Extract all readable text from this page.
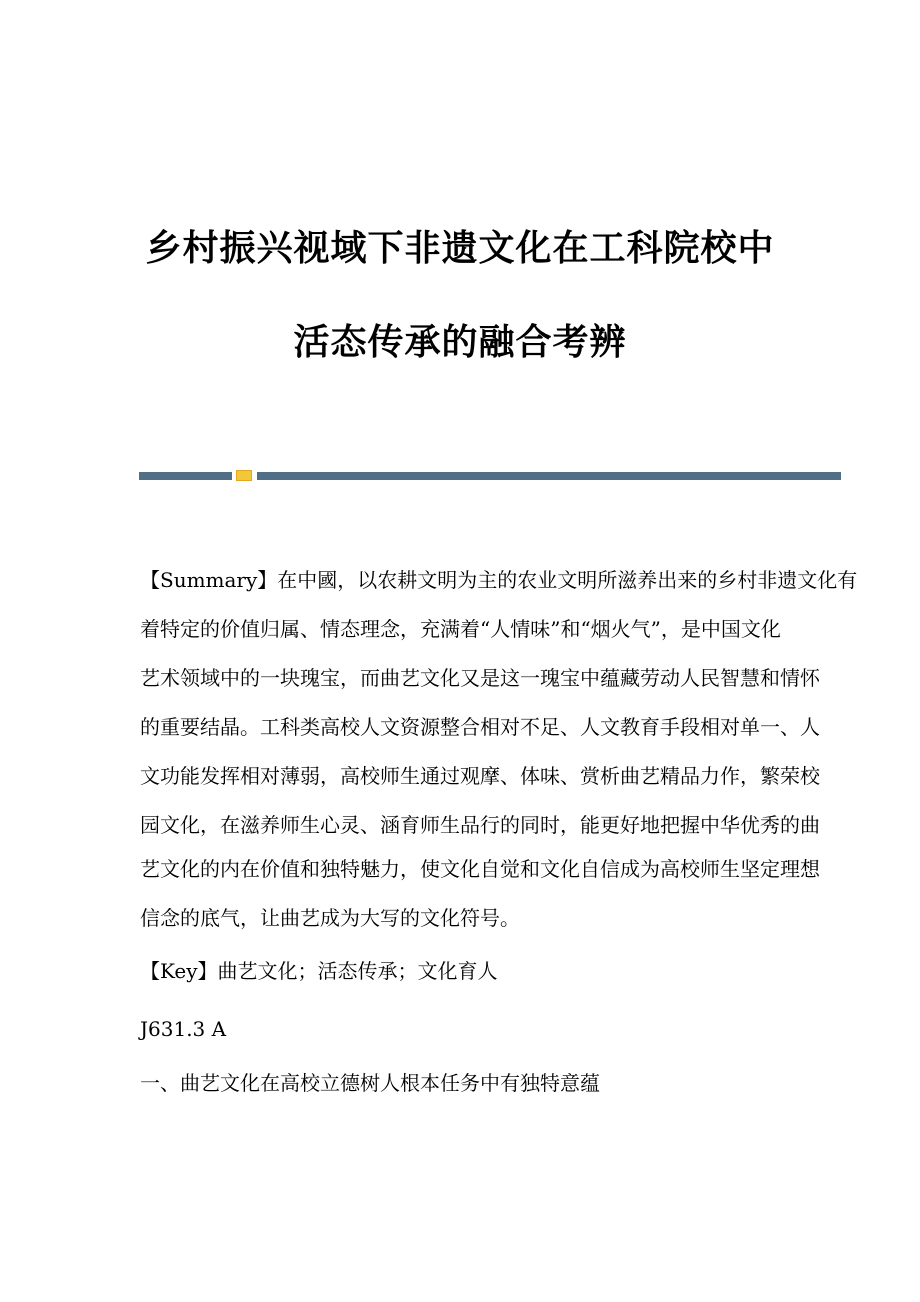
乡村振兴视域下非遗文化在工科院校中
活态传承的融合考辨
【Summary】在中國，以农耕文明为主的农业文明所滋养出来的乡村非遗文化有
着特定的价值归属、情态理念，充满着“人情味”和“烟火气”，是中国文化
艺术领域中的一块瑰宝，而曲艺文化又是这一瑰宝中蕴藏劳动人民智慧和情怀
的重要结晶。工科类高校人文资源整合相对不足、人文教育手段相对单一、人
文功能发挥相对薄弱，高校师生通过观摩、体味、赏析曲艺精品力作，繁荣校
园文化，在滋养师生心灵、涵育师生品行的同时，能更好地把握中华优秀的曲
艺文化的内在价值和独特魅力，使文化自觉和文化自信成为高校师生坚定理想
信念的底气，让曲艺成为大写的文化符号。
【Key】曲艺文化；活态传承；文化育人
J631.3 A
一、曲艺文化在高校立德树人根本任务中有独特意蕴
